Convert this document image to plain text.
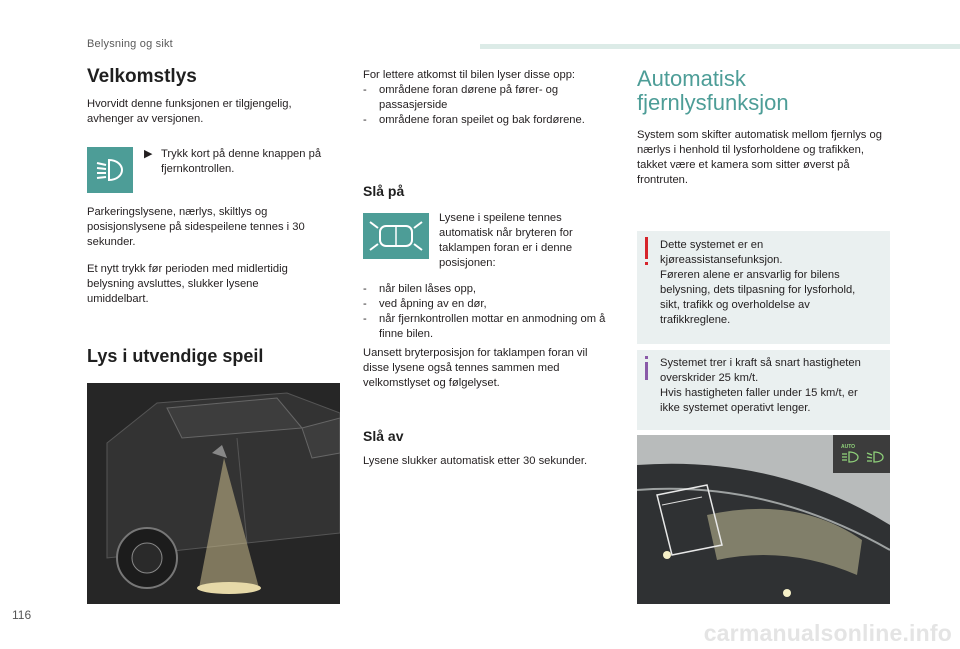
Belysning og sikt
Velkomstlys
Hvorvidt denne funksjonen er tilgjengelig, avhenger av versjonen.
▶ Trykk kort på denne knappen på fjernkontrollen.
Parkeringslysene, nærlys, skiltlys og posisjonslysene på sidespeilene tennes i 30 sekunder.
Et nytt trykk før perioden med midlertidig belysning avsluttes, slukker lysene umiddelbart.
Lys i utvendige speil
For lettere atkomst til bilen lyser disse opp:
- områdene foran dørene på fører- og passasjerside
- områdene foran speilet og bak fordørene.
Slå på
Lysene i speilene tennes automatisk når bryteren for taklampen foran er i denne posisjonen:
- når bilen låses opp,
- ved åpning av en dør,
- når fjernkontrollen mottar en anmodning om å finne bilen.
Uansett bryterposisjon for taklampen foran vil disse lysene også tennes sammen med velkomstlyset og følgelyset.
Slå av
Lysene slukker automatisk etter 30 sekunder.
Automatisk
fjernlysfunksjon
System som skifter automatisk mellom fjernlys og nærlys i henhold til lysforholdene og trafikken, takket være et kamera som sitter øverst på frontruten.
Dette systemet er en
kjøreassistansefunksjon.
Føreren alene er ansvarlig for bilens
belysning, dets tilpasning for lysforhold,
sikt, trafikk og overholdelse av
trafikkreglene.
Systemet trer i kraft så snart hastigheten
overskrider 25 km/t.
Hvis hastigheten faller under 15 km/t, er
ikke systemet operativt lenger.
AUTO
116
carmanualsonline.info
